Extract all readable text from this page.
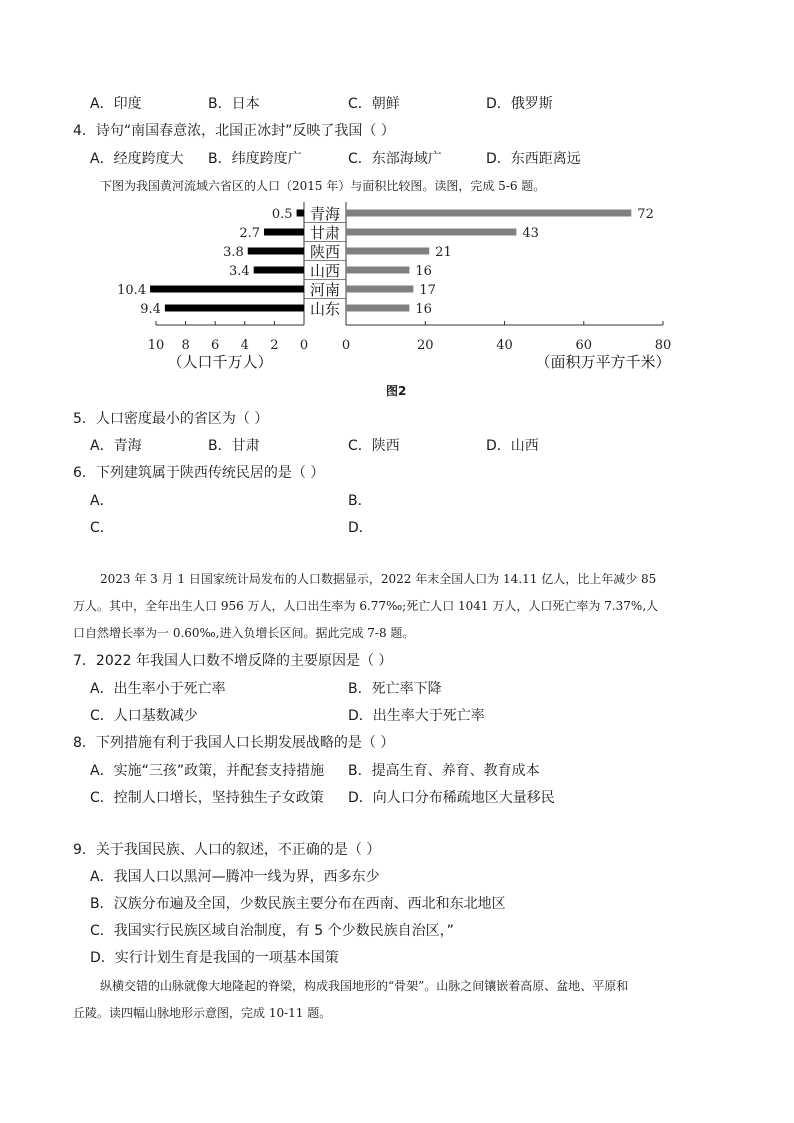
A．印度	B．日本	C．朝鲜	D．俄罗斯
4．诗句“南国春意浓，北国正冰封”反映了我国（ ）
A．经度跨度大 B．纬度跨度广	C．东部海域广	D．东西距离远
下图为我国黄河流域六省区的人口（2015 年）与面积比较图。读图，完成 5-6 题。
青海
0.5	72
甘肃
2.7	43
陕西
3.8	21
山西
3.4	16
河南
10.4	17
山东
9.4	16
10 8 6 4 2 0	0	20	40	60	80
（人口千万人）	（面积万平方千米）
图2
5．人口密度最小的省区为（ ）
A．青海	B．甘肃	C．陕西	D．山西
6．下列建筑属于陕西传统民居的是（ ）
A．	B．
C．	D．
2023 年 3 月 1 日国家统计局发布的人口数据显示，2022 年末全国人口为 14.11 亿人，比上年减少 85
万人。其中，全年出生人口 956 万人，人口出生率为 6.77‰;死亡人口 1041 万人，人口死亡率为 7.37%,人
口自然增长率为一 0.60‰,进入负增长区间。据此完成 7-8 题。
7．2022 年我国人口数不增反降的主要原因是（ ）
A．出生率小于死亡率	B．死亡率下降
C．人口基数减少	D．出生率大于死亡率
8．下列措施有利于我国人口长期发展战略的是（ ）
A．实施“三孩”政策，并配套支持措施 B．提高生育、养育、教育成本
C．控制人口增长，坚持独生子女政策 D．向人口分布稀疏地区大量移民
9．关于我国民族、人口的叙述，不正确的是（ ）
A．我国人口以黑河—腾冲一线为界，西多东少
B．汉族分布遍及全国，少数民族主要分布在西南、西北和东北地区
C．我国实行民族区域自治制度，有 5 个少数民族自治区，”
D．实行计划生育是我国的一项基本国策
纵横交错的山脉就像大地隆起的脊梁，构成我国地形的“骨架”。山脉之间镶嵌着高原、盆地、平原和
丘陵。读四幅山脉地形示意图，完成 10-11 题。
